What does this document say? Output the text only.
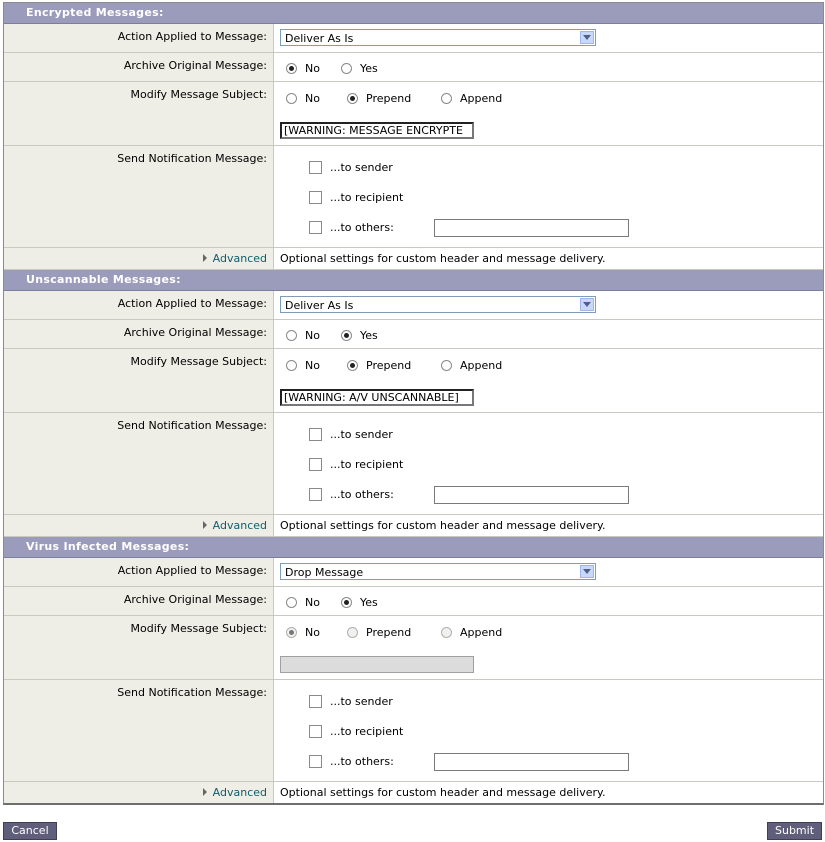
Encrypted Messages:
Action Applied to Message:	Deliver As Is
Archive Original Message:	No	Yes
Modify Message Subject:	No	Prepend	Append
[WARNING: MESSAGE ENCRYPTE
Send Notification Message:
...to sender
...to recipient
...to others:
Advanced	Optional settings for custom header and message delivery.
Unscannable Messages:
Action Applied to Message:	Deliver As Is
Archive Original Message:	No	Yes
Modify Message Subject:	No	Prepend	Append
[WARNING: A/V UNSCANNABLE]
Send Notification Message:
...to sender
...to recipient
...to others:
Advanced	Optional settings for custom header and message delivery.
Virus Infected Messages:
Action Applied to Message:	Drop Message
Archive Original Message:	No	Yes
Modify Message Subject:	No	Prepend	Append
Send Notification Message:
...to sender
...to recipient
...to others:
Advanced	Optional settings for custom header and message delivery.
Cancel	Submit
